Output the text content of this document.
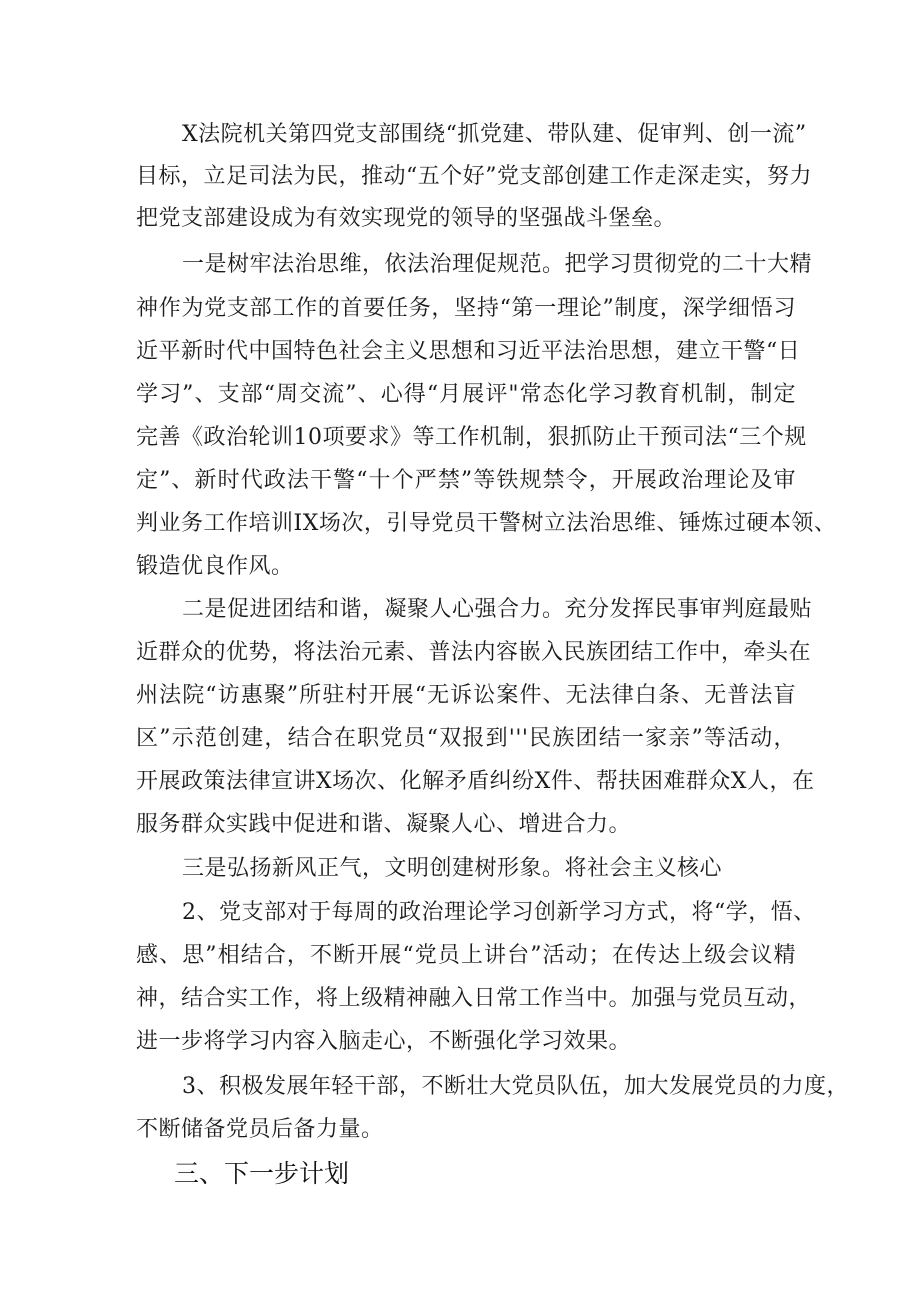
X法院机关第四党支部围绕“抓党建、带队建、促审判、创一流”
目标，立足司法为民，推动“五个好”党支部创建工作走深走实，努力
把党支部建设成为有效实现党的领导的坚强战斗堡垒。
一是树牢法治思维，依法治理促规范。把学习贯彻党的二十大精
神作为党支部工作的首要任务，坚持“第一理论”制度，深学细悟习
近平新时代中国特色社会主义思想和习近平法治思想，建立干警“日
学习”、支部“周交流”、心得“月展评"常态化学习教育机制，制定
完善《政治轮训10项要求》等工作机制，狠抓防止干预司法“三个规
定”、新时代政法干警“十个严禁”等铁规禁令，开展政治理论及审
判业务工作培训IX场次，引导党员干警树立法治思维、锤炼过硬本领、
锻造优良作风。
二是促进团结和谐，凝聚人心强合力。充分发挥民事审判庭最贴
近群众的优势，将法治元素、普法内容嵌入民族团结工作中，牵头在
州法院“访惠聚”所驻村开展“无诉讼案件、无法律白条、无普法盲
区”示范创建，结合在职党员“双报到'''民族团结一家亲”等活动，
开展政策法律宣讲X场次、化解矛盾纠纷X件、帮扶困难群众X人，在
服务群众实践中促进和谐、凝聚人心、增进合力。
三是弘扬新风正气，文明创建树形象。将社会主义核心
2、党支部对于每周的政治理论学习创新学习方式，将“学，悟、
感、思”相结合，不断开展“党员上讲台”活动；在传达上级会议精
神，结合实工作，将上级精神融入日常工作当中。加强与党员互动，
进一步将学习内容入脑走心，不断强化学习效果。
3、积极发展年轻干部，不断壮大党员队伍，加大发展党员的力度，
不断储备党员后备力量。
三、下一步计划
